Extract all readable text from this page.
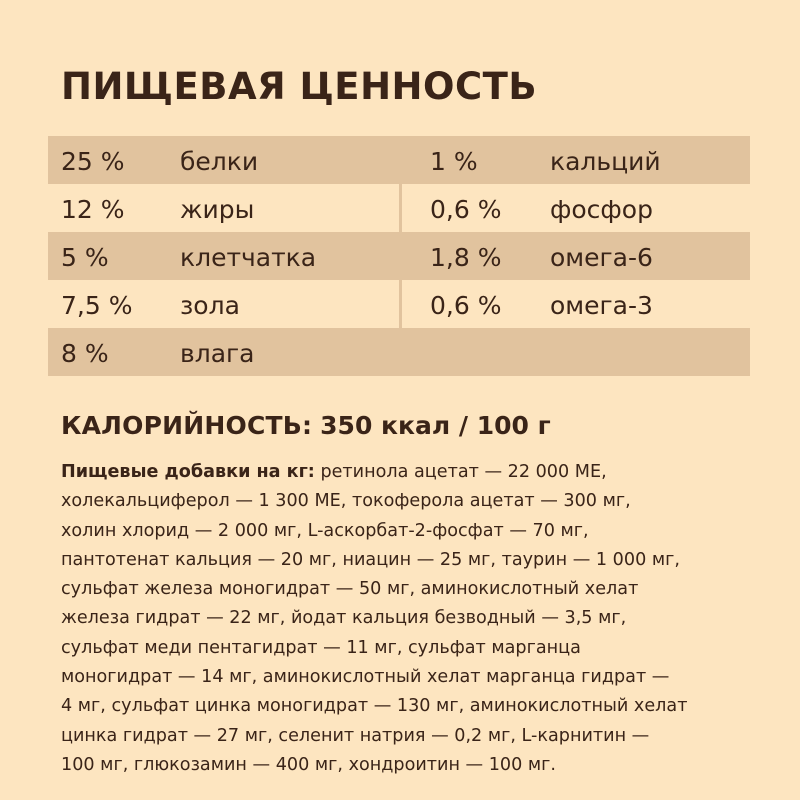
ПИЩЕВАЯ ЦЕННОСТЬ
25 % белки	1 %	кальций
12 % жиры	0,6 % фосфор
5 %	клетчатка	1,8 % омега-6
7,5 % зола	0,6 % омега-3
8 %	влага
КАЛОРИЙНОСТЬ: 350 ккал / 100 г

Пищевые добавки на кг: ретинола ацетат — 22 000 МЕ,
холекальциферол — 1 300 МЕ, токоферола ацетат — 300 мг,
холин хлорид — 2 000 мг, L-аскорбат-2-фосфат — 70 мг,
пантотенат кальция — 20 мг, ниацин — 25 мг, таурин — 1 000 мг,
сульфат железа моногидрат — 50 мг, аминокислотный хелат
железа гидрат — 22 мг, йодат кальция безводный — 3,5 мг,
сульфат меди пентагидрат — 11 мг, сульфат марганца
моногидрат — 14 мг, аминокислотный хелат марганца гидрат —
4 мг, сульфат цинка моногидрат — 130 мг, аминокислотный хелат
цинка гидрат — 27 мг, селенит натрия — 0,2 мг, L-карнитин —
100 мг, глюкозамин — 400 мг, хондроитин — 100 мг.
